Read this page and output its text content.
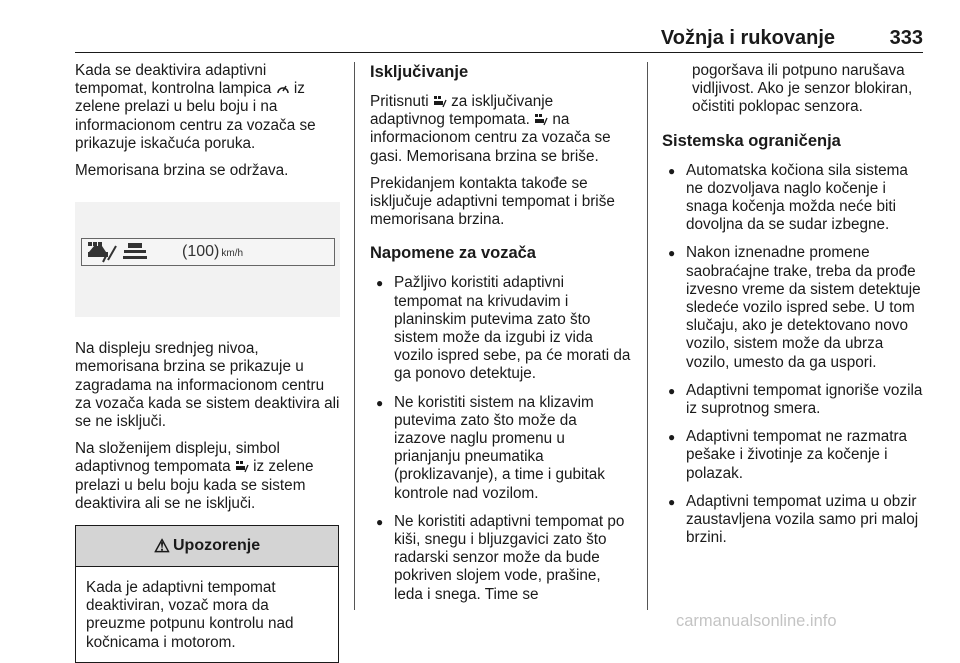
Vožnja i rukovanje	333

Kada se deaktivira adaptivni tempomat, kontrolna lampica iz zelene prelazi u belu boju i na informacionom centru za vozača se prikazuje iskačuća poruka.

Memorisana brzina se održava.

(100) km/h

Na displeju srednjeg nivoa, memorisana brzina se prikazuje u zagradama na informacionom centru za vozača kada se sistem deaktivira ali se ne isključi.

Na složenijem displeju, simbol adaptivnog tempomata iz zelene prelazi u belu boju kada se sistem deaktivira ali se ne isključi.

⚠ Upozorenje
Kada je adaptivni tempomat deaktiviran, vozač mora da preuzme potpunu kontrolu nad kočnicama i motorom.
Isključivanje

Pritisnuti za isključivanje adaptivnog tempomata. na informacionom centru za vozača se gasi. Memorisana brzina se briše.

Prekidanjem kontakta takođe se isključuje adaptivni tempomat i briše memorisana brzina.

Napomene za vozača
● Pažljivo koristiti adaptivni tempomat na krivudavim i planinskim putevima zato što sistem može da izgubi iz vida vozilo ispred sebe, pa će morati da ga ponovo detektuje.
● Ne koristiti sistem na klizavim putevima zato što može da izazove naglu promenu u prianjanju pneumatika (proklizavanje), a time i gubitak kontrole nad vozilom.
● Ne koristiti adaptivni tempomat po kiši, snegu i bljuzgavici zato što radarski senzor može da bude pokriven slojem vode, prašine, leda i snega. Time se

pogoršava ili potpuno narušava vidljivost. Ako je senzor blokiran, očistiti poklopac senzora.

Sistemska ograničenja
● Automatska kočiona sila sistema ne dozvoljava naglo kočenje i snaga kočenja možda neće biti dovoljna da se sudar izbegne.
● Nakon iznenadne promene saobraćajne trake, treba da prođe izvesno vreme da sistem detektuje sledeće vozilo ispred sebe. U tom slučaju, ako je detektovano novo vozilo, sistem može da ubrza vozilo, umesto da ga uspori.
● Adaptivni tempomat ignoriše vozila iz suprotnog smera.
● Adaptivni tempomat ne razmatra pešake i životinje za kočenje i polazak.
● Adaptivni tempomat uzima u obzir zaustavljena vozila samo pri maloj brzini.
carmanualsonline.info
